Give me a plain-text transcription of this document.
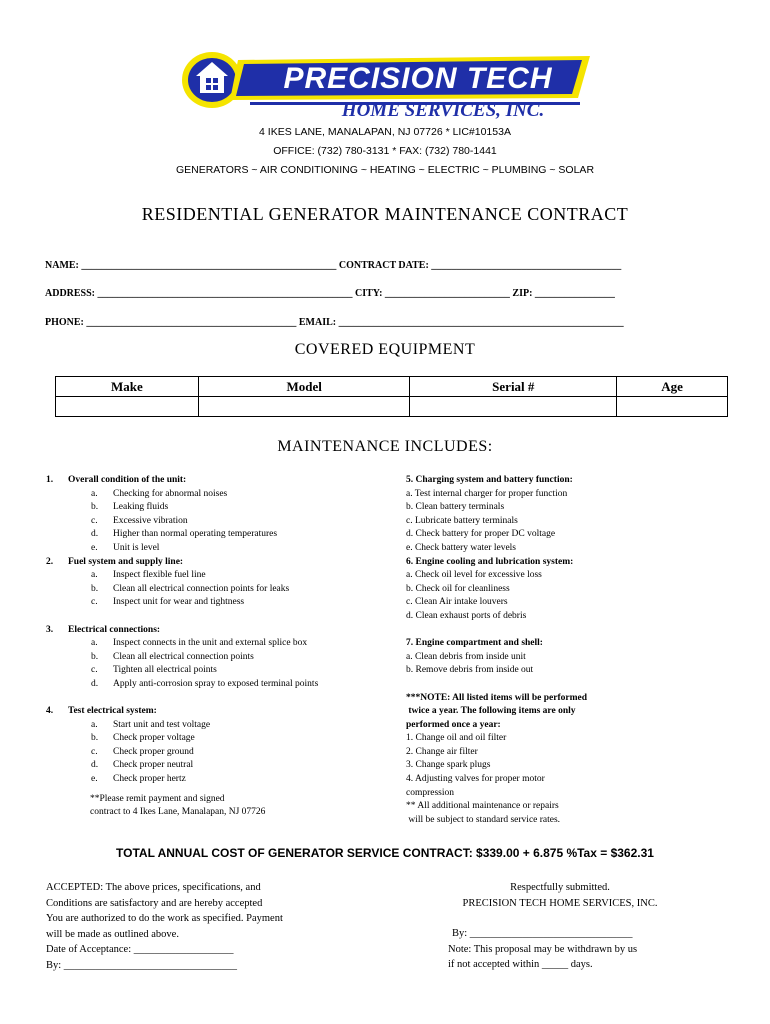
PRECISION TECH
HOME SERVICES, INC.
4 IKES LANE, MANALAPAN, NJ 07726 * LIC#10153A
OFFICE: (732) 780-3131 * FAX: (732) 780-1441
GENERATORS ~ AIR CONDITIONING ~ HEATING ~ ELECTRIC ~ PLUMBING ~ SOLAR
RESIDENTIAL GENERATOR MAINTENANCE CONTRACT
NAME: ___________________________________________________ CONTRACT DATE: ______________________________________
ADDRESS: ___________________________________________________ CITY: _________________________ ZIP: ________________
PHONE: __________________________________________ EMAIL: _________________________________________________________
COVERED EQUIPMENT
Make	Model	Serial #	Age

MAINTENANCE INCLUDES:
1. Overall condition of the unit:
a. Checking for abnormal noises
b. Leaking fluids
c. Excessive vibration
d. Higher than normal operating temperatures
e. Unit is level
2. Fuel system and supply line:
a. Inspect flexible fuel line
b. Clean all electrical connection points for leaks
c. Inspect unit for wear and tightness
3. Electrical connections:
a. Inspect connects in the unit and external splice box
b. Clean all electrical connection points
c. Tighten all electrical points
d. Apply anti-corrosion spray to exposed terminal points
4. Test electrical system:
a. Start unit and test voltage
b. Check proper voltage
c. Check proper ground
d. Check proper neutral
e. Check proper hertz
**Please remit payment and signed
contract to 4 Ikes Lane, Manalapan, NJ 07726
5. Charging system and battery function:
a. Test internal charger for proper function
b. Clean battery terminals
c. Lubricate battery terminals
d. Check battery for proper DC voltage
e. Check battery water levels
6. Engine cooling and lubrication system:
a. Check oil level for excessive loss
b. Check oil for cleanliness
c. Clean Air intake louvers
d. Clean exhaust ports of debris
7. Engine compartment and shell:
a. Clean debris from inside unit
b. Remove debris from inside out
***NOTE: All listed items will be performed
twice a year. The following items are only
performed once a year:
1. Change oil and oil filter
2. Change air filter
3. Change spark plugs
4. Adjusting valves for proper motor
compression
** All additional maintenance or repairs
will be subject to standard service rates.
TOTAL ANNUAL COST OF GENERATOR SERVICE CONTRACT: $339.00 + 6.875 %Tax = $362.31
ACCEPTED: The above prices, specifications, and
Conditions are satisfactory and are hereby accepted
You are authorized to do the work as specified. Payment
will be made as outlined above.
Date of Acceptance: ___________________
By: _________________________________
Respectfully submitted.
PRECISION TECH HOME SERVICES, INC.
By: _______________________________
Note: This proposal may be withdrawn by us
if not accepted within _____ days.
